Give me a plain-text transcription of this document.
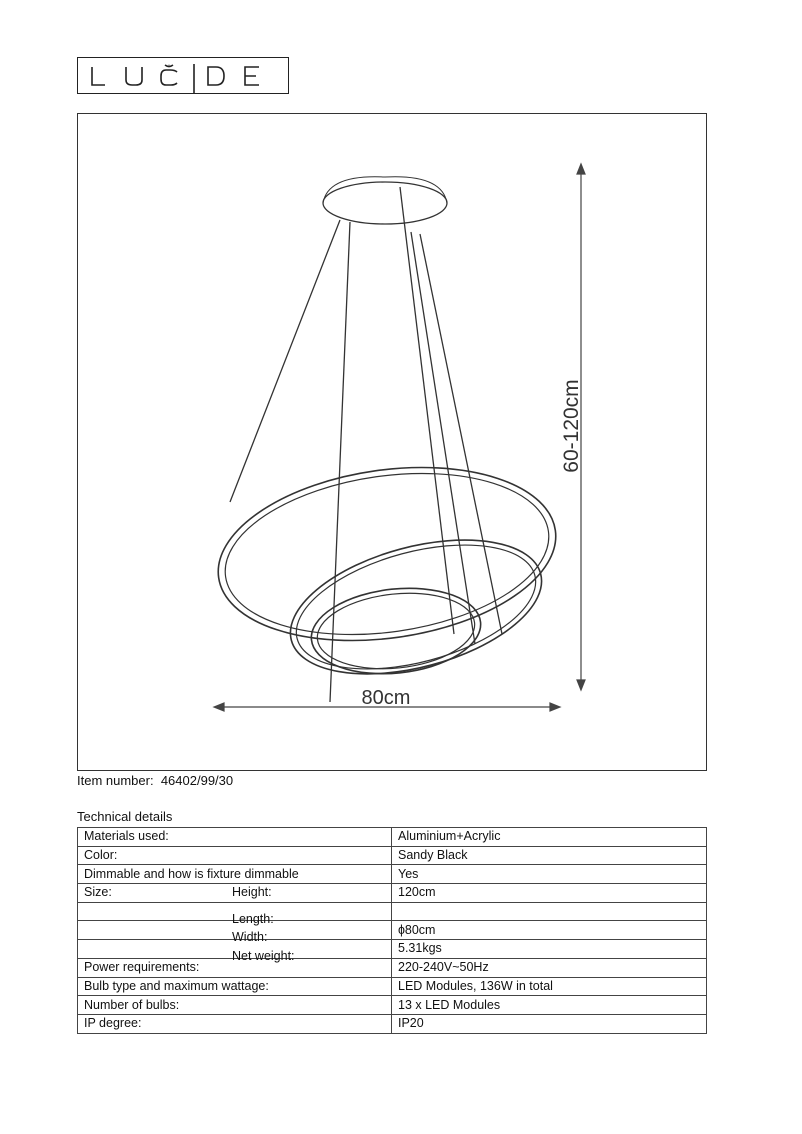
60-120cm
80cm
Item number: 46402/99/30
Technical details
Materials used:	Aluminium+Acrylic
Color:	Sandy Black
Dimmable and how is fixture dimmable	Yes
Size: Height:	120cm

Length:	

Width:	ɸ80cm

Net weight:	5.31kgs
Power requirements:	220-240V~50Hz
Bulb type and maximum wattage:	LED Modules, 136W in total
Number of bulbs:	13 x LED Modules
IP degree:	IP20
